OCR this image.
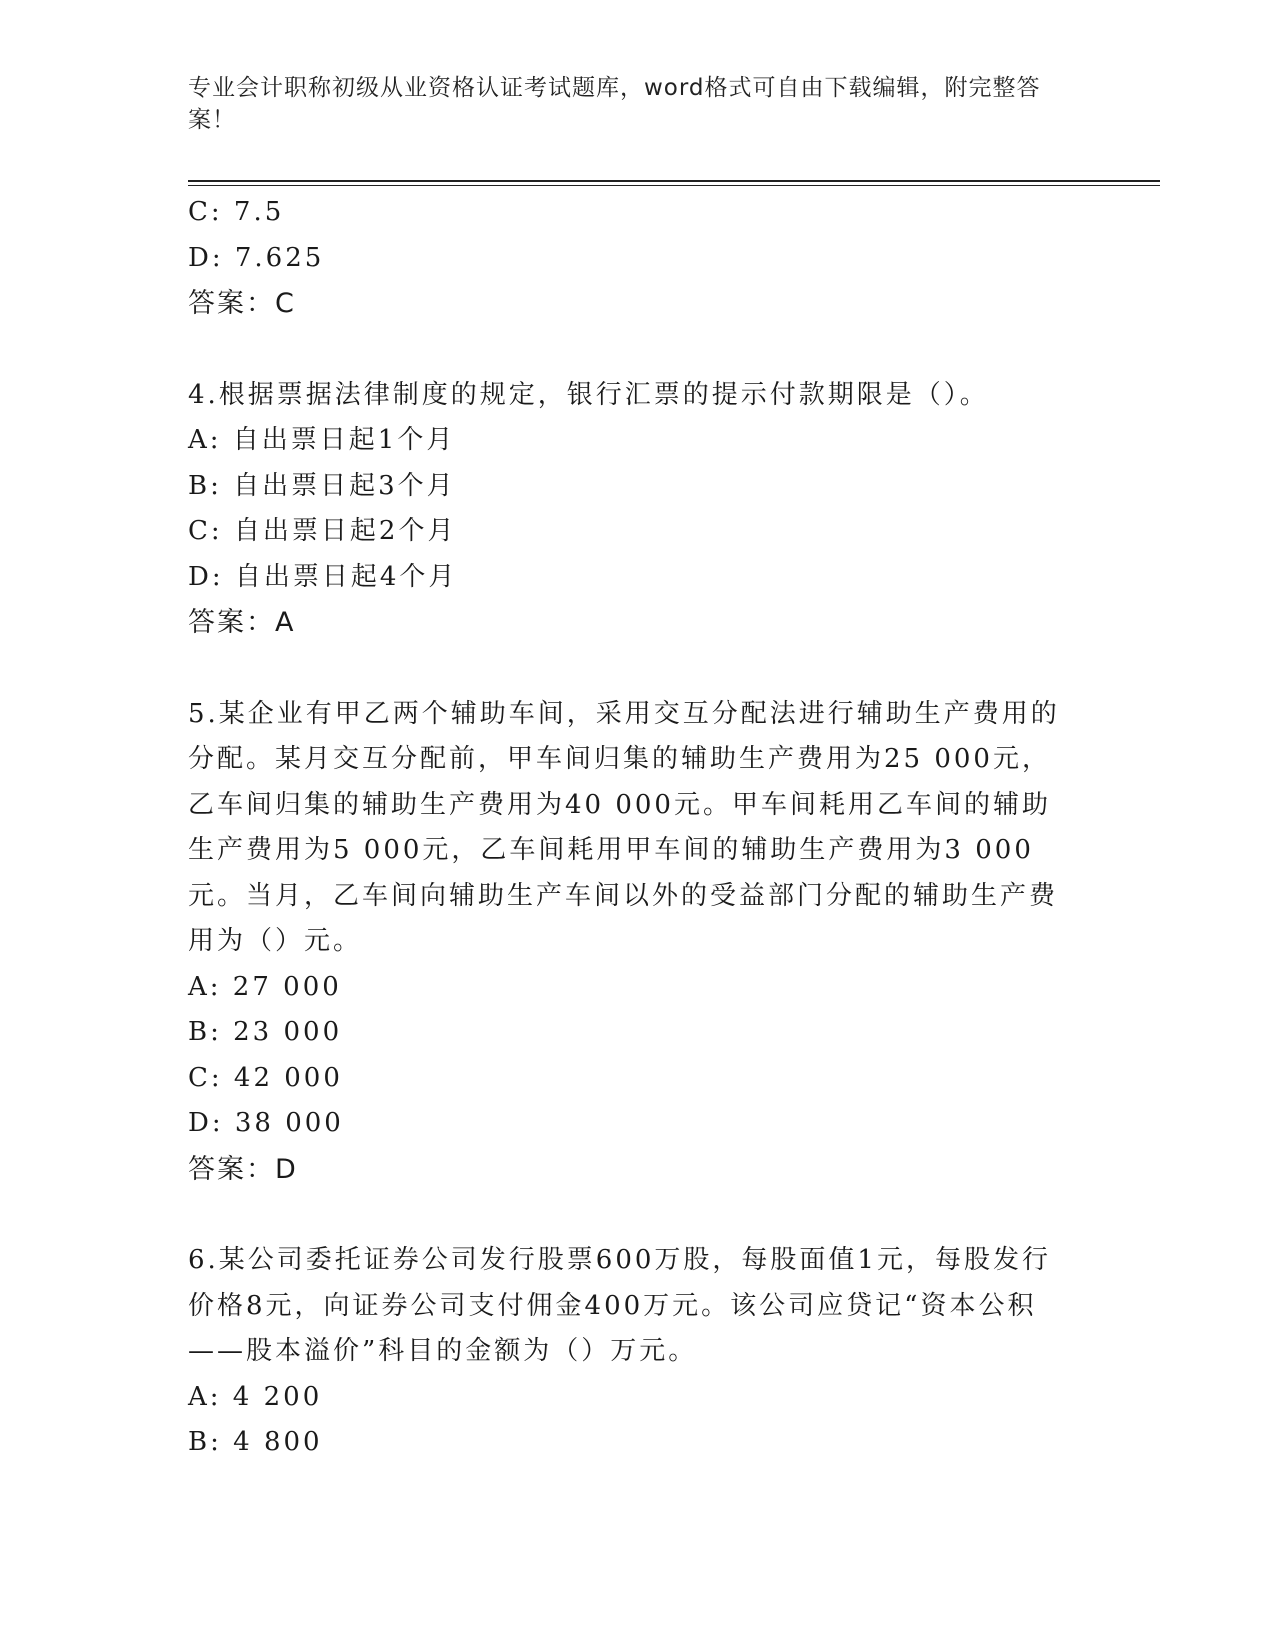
专业会计职称初级从业资格认证考试题库，word格式可自由下载编辑，附完整答案！
C: 7.5
D: 7.625
答案：C
4.根据票据法律制度的规定，银行汇票的提示付款期限是（）。
A: 自出票日起1个月
B: 自出票日起3个月
C: 自出票日起2个月
D: 自出票日起4个月
答案：A
5.某企业有甲乙两个辅助车间，采用交互分配法进行辅助生产费用的分配。某月交互分配前，甲车间归集的辅助生产费用为25 000元，乙车间归集的辅助生产费用为40 000元。甲车间耗用乙车间的辅助生产费用为5 000元，乙车间耗用甲车间的辅助生产费用为3 000元。当月，乙车间向辅助生产车间以外的受益部门分配的辅助生产费用为（）元。
A: 27 000
B: 23 000
C: 42 000
D: 38 000
答案：D
6.某公司委托证券公司发行股票600万股，每股面值1元，每股发行价格8元，向证券公司支付佣金400万元。该公司应贷记“资本公积——股本溢价”科目的金额为（）万元。
A: 4 200
B: 4 800
